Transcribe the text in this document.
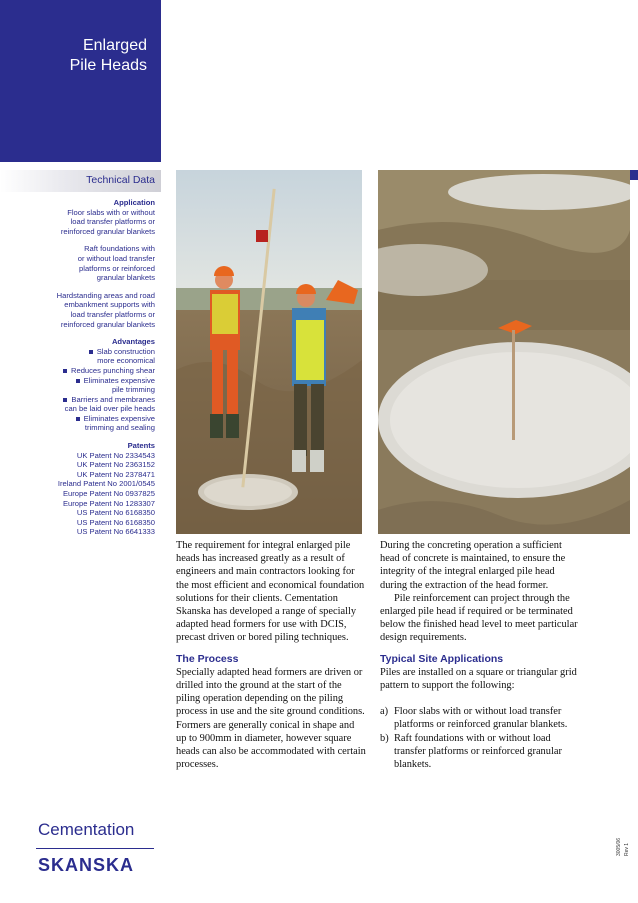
Enlarged
Pile Heads
Technical Data
Application
Floor slabs with or without
load transfer platforms or
reinforced granular blankets
Raft foundations with
or without load transfer
platforms or reinforced
granular blankets
Hardstanding areas and road
embankment supports with
load transfer platforms or
reinforced granular blankets
Advantages
Slab construction
more economical
Reduces punching shear
Eliminates expensive
pile trimming
Barriers and membranes
can be laid over pile heads
Eliminates expensive
trimming and sealing
Patents
UK Patent No 2334543
UK Patent No 2363152
UK Patent No 2378471
Ireland Patent No 2001/0545
Europe Patent No 0937825
Europe Patent No 1283307
US Patent No 6168350
US Patent No 6168350
US Patent No 6641333

The requirement for integral enlarged pile heads has increased greatly as a result of engineers and main contractors looking for the most efficient and economical foundation solutions for their clients. Cementation Skanska has developed a range of specially adapted head formers for use with DCIS, precast driven or bored piling techniques.

The Process

Specially adapted head formers are driven or drilled into the ground at the start of the piling operation depending on the piling process in use and the site ground conditions. Formers are generally conical in shape and up to 900mm in diameter, however square heads can also be accommodated with certain processes.

During the concreting operation a sufficient head of concrete is maintained, to ensure the integrity of the integral enlarged pile head during the extraction of the head former.

Pile reinforcement can project through the enlarged pile head if required or be terminated below the finished head level to meet particular design requirements.

Typical Site Applications

Piles are installed on a square or triangular grid pattern to support the following:

a) Floor slabs with or without load transfer platforms or reinforced granular blankets.
b) Raft foundations with or without load transfer platforms or reinforced granular blankets.
Cementation
SKANSKA
3005/06 Rev 1
